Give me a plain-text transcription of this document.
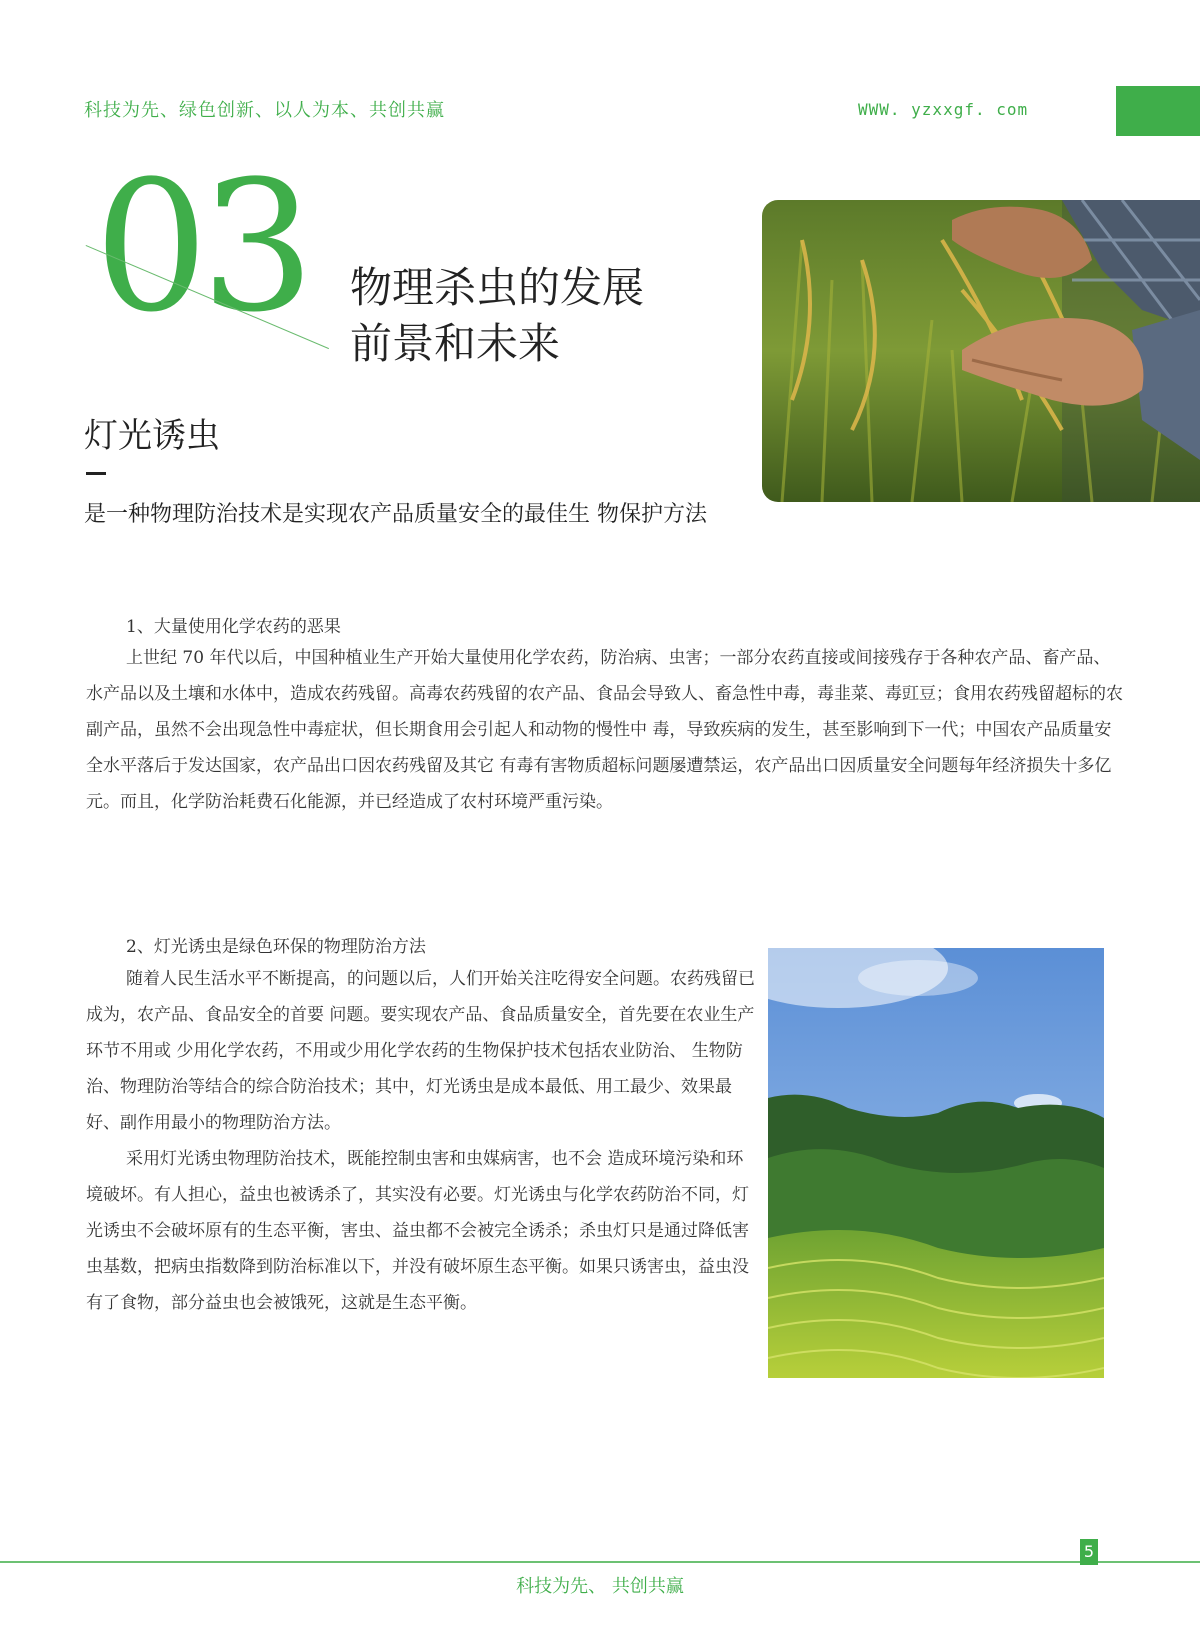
科技为先、绿色创新、以人为本、共创共赢	WWW. yzxxgf. com
03 物理杀虫的发展
前景和未来
灯光诱虫
是一种物理防治技术是实现农产品质量安全的最佳生 物保护方法
1、大量使用化学农药的恶果

上世纪 70 年代以后，中国种植业生产开始大量使用化学农药，防治病、虫害；一部分农药直接或间接残存于各种农产品、畜产品、水产品以及土壤和水体中，造成农药残留。高毒农药残留的农产品、食品会导致人、畜急性中毒，毒韭菜、毒豇豆；食用农药残留超标的农副产品，虽然不会出现急性中毒症状，但长期食用会引起人和动物的慢性中 毒，导致疾病的发生，甚至影响到下一代；中国农产品质量安全水平落后于发达国家，农产品出口因农药残留及其它 有毒有害物质超标问题屡遭禁运，农产品出口因质量安全问题每年经济损失十多亿元。而且，化学防治耗费石化能源，并已经造成了农村环境严重污染。

2、灯光诱虫是绿色环保的物理防治方法

随着人民生活水平不断提高，的问题以后，人们开始关注吃得安全问题。农药残留已成为，农产品、食品安全的首要 问题。要实现农产品、食品质量安全，首先要在农业生产环节不用或 少用化学农药，不用或少用化学农药的生物保护技术包括农业防治、 生物防治、物理防治等结合的综合防治技术；其中，灯光诱虫是成本最低、用工最少、效果最好、副作用最小的物理防治方法。

采用灯光诱虫物理防治技术，既能控制虫害和虫媒病害，也不会 造成环境污染和环境破坏。有人担心，益虫也被诱杀了，其实没有必要。灯光诱虫与化学农药防治不同，灯光诱虫不会破坏原有的生态平衡，害虫、益虫都不会被完全诱杀；杀虫灯只是通过降低害虫基数，把病虫指数降到防治标准以下，并没有破坏原生态平衡。如果只诱害虫，益虫没有了食物，部分益虫也会被饿死，这就是生态平衡。

5
科技为先、 共创共赢
